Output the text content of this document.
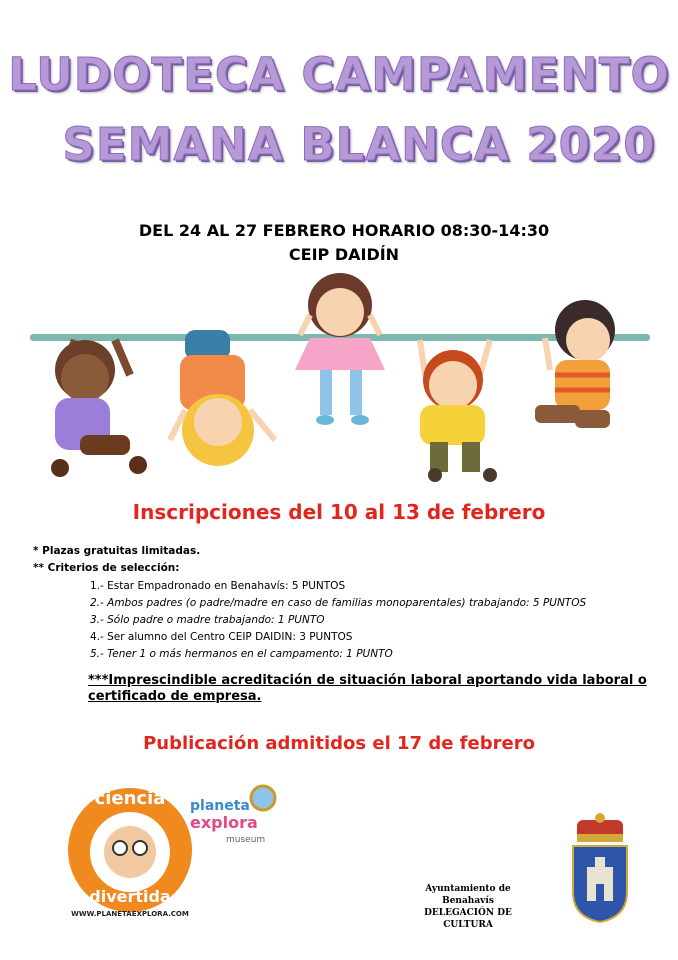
LUDOTECA CAMPAMENTO
SEMANA BLANCA 2020
DEL 24 AL 27 FEBRERO HORARIO 08:30-14:30
CEIP DAIDÍN
Inscripciones del 10 al 13 de febrero
* Plazas gratuitas limitadas.
** Criterios de selección:
1.- Estar Empadronado en Benahavís: 5 PUNTOS
2.- Ambos padres (o padre/madre en caso de familias monoparentales) trabajando: 5 PUNTOS
3.- Sólo padre o madre trabajando: 1 PUNTO
4.- Ser alumno del Centro CEIP DAIDIN: 3 PUNTOS
5.- Tener 1 o más hermanos en el campamento: 1 PUNTO
***Imprescindible acreditación de situación laboral aportando vida laboral o certificado de empresa.
Publicación admitidos el 17 de febrero
ciencia
divertida
WWW.PLANETAEXPLORA.COM
planeta
explora
museum
Ayuntamiento de Benahavís
DELEGACIÓN DE CULTURA
